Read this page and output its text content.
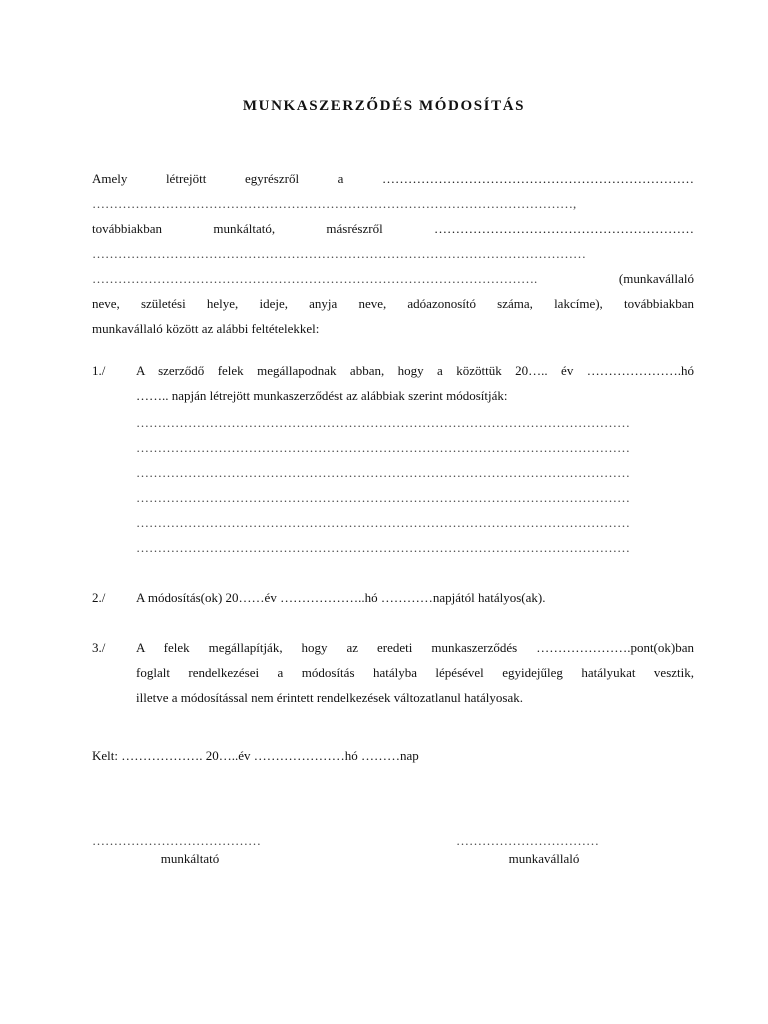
MUNKASZERZŐDÉS MÓDOSÍTÁS
Amely létrejött egyrészről a ………………………………………………………………
…………………………………………………………………………………………………,
továbbiakban munkáltató, másrészről ……………………………………………………
……………………………………………………………………………………………………
………………………………………………………………………………………….	(munkavállaló
neve, születési helye, ideje, anyja neve, adóazonosító száma, lakcíme), továbbiakban
munkavállaló között az alábbi feltételekkel:
1./ A szerződő felek megállapodnak abban, hogy a közöttük 20….. év ………………….hó
…….. napján létrejött munkaszerződést az alábbiak szerint módosítják:
……………………………………………………………………………………………………
……………………………………………………………………………………………………
……………………………………………………………………………………………………
……………………………………………………………………………………………………
……………………………………………………………………………………………………
……………………………………………………………………………………………………
2./ A módosítás(ok) 20……év ………………..hó …………napjától hatályos(ak).
3./ A felek megállapítják, hogy az eredeti munkaszerződés ………………….pont(ok)ban
foglalt rendelkezései a módosítás hatályba lépésével egyidejűleg hatályukat vesztik,
illetve a módosítással nem érintett rendelkezések változatlanul hatályosak.
Kelt: ………………. 20…..év …………………hó ………nap
…………………………………
munkáltató
……………………………
munkavállaló
